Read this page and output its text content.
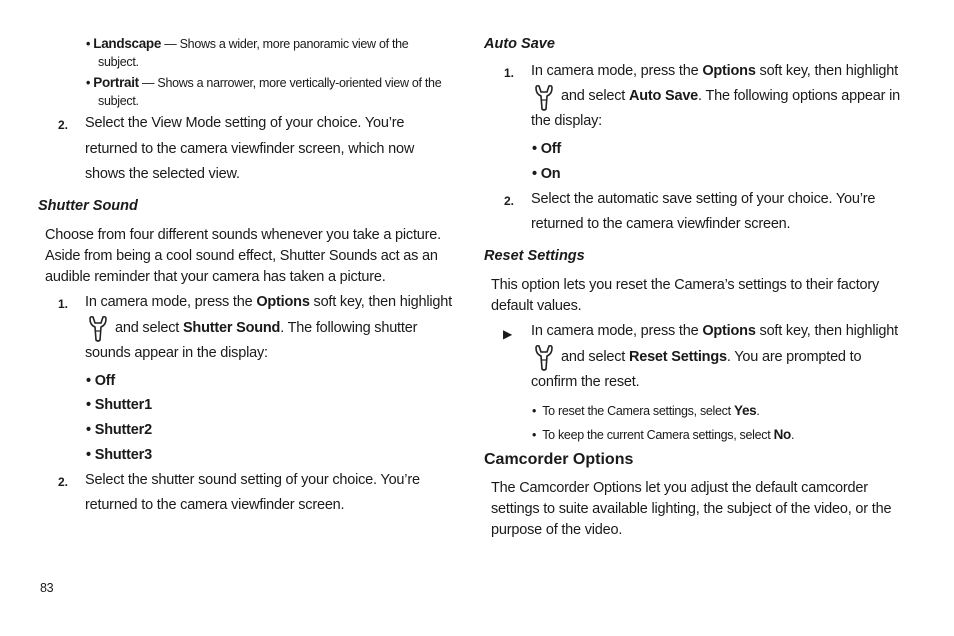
• Landscape — Shows a wider, more panoramic view of the
subject.
• Portrait — Shows a narrower, more vertically-oriented view of the
subject.
2. Select the View Mode setting of your choice. You’re
returned to the camera viewfinder screen, which now
shows the selected view.
Shutter Sound
Choose from four different sounds whenever you take a picture.
Aside from being a cool sound effect, Shutter Sounds act as an
audible reminder that your camera has taken a picture.
1. In camera mode, press the Options soft key, then highlight
and select Shutter Sound. The following shutter
sounds appear in the display:
• Off
• Shutter1
• Shutter2
• Shutter3
2. Select the shutter sound setting of your choice. You’re
returned to the camera viewfinder screen.
83
Auto Save
1. In camera mode, press the Options soft key, then highlight
and select Auto Save. The following options appear in
the display:
• Off
• On
2. Select the automatic save setting of your choice. You’re
returned to the camera viewfinder screen.
Reset Settings
This option lets you reset the Camera’s settings to their factory
default values.
▶ In camera mode, press the Options soft key, then highlight
and select Reset Settings. You are prompted to
confirm the reset.
•  To reset the Camera settings, select Yes.
•  To keep the current Camera settings, select No.
Camcorder Options
The Camcorder Options let you adjust the default camcorder
settings to suite available lighting, the subject of the video, or the
purpose of the video.
